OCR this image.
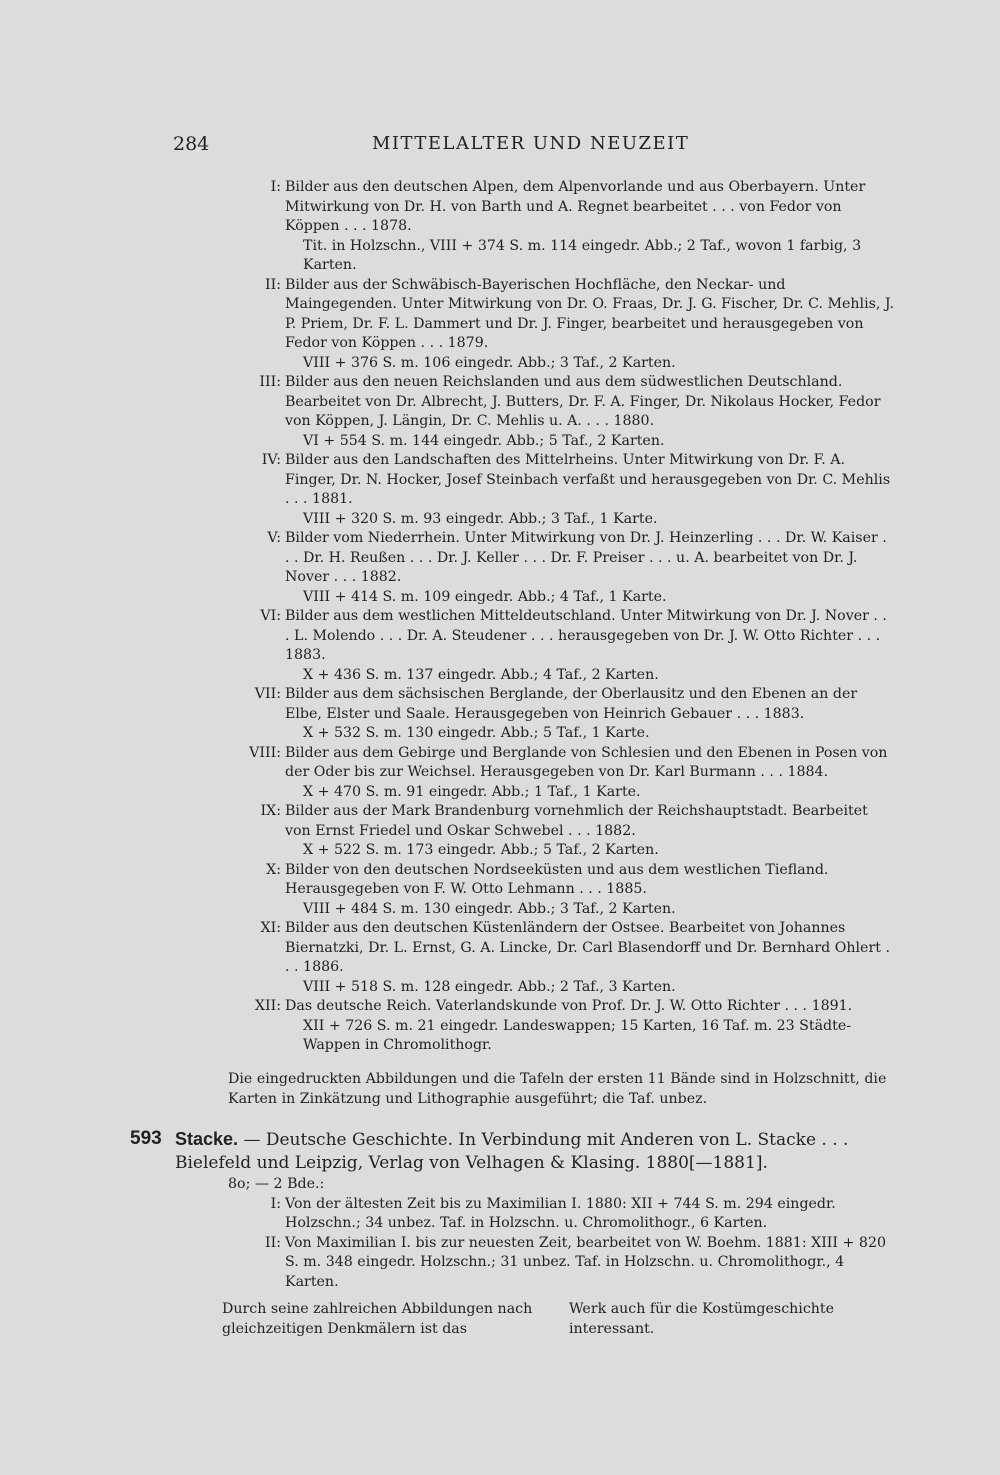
284	MITTELALTER UND NEUZEIT
I: Bilder aus den deutschen Alpen, dem Alpenvorlande und aus Oberbayern. Unter Mitwirkung von Dr. H. von Barth und A. Regnet bearbeitet . . . von Fedor von Köppen . . . 1878.
Tit. in Holzschn., VIII + 374 S. m. 114 eingedr. Abb.; 2 Taf., wovon 1 farbig, 3 Karten.
II: Bilder aus der Schwäbisch-Bayerischen Hochfläche, den Neckar- und Maingegenden. Unter Mitwirkung von Dr. O. Fraas, Dr. J. G. Fischer, Dr. C. Mehlis, J. P. Priem, Dr. F. L. Dammert und Dr. J. Finger, bearbeitet und herausgegeben von Fedor von Köppen . . . 1879.
VIII + 376 S. m. 106 eingedr. Abb.; 3 Taf., 2 Karten.
III: Bilder aus den neuen Reichslanden und aus dem südwestlichen Deutschland. Bearbeitet von Dr. Albrecht, J. Butters, Dr. F. A. Finger, Dr. Nikolaus Hocker, Fedor von Köppen, J. Längin, Dr. C. Mehlis u. A. . . . 1880.
VI + 554 S. m. 144 eingedr. Abb.; 5 Taf., 2 Karten.
IV: Bilder aus den Landschaften des Mittelrheins. Unter Mitwirkung von Dr. F. A. Finger, Dr. N. Hocker, Josef Steinbach verfaßt und herausgegeben von Dr. C. Mehlis . . . 1881.
VIII + 320 S. m. 93 eingedr. Abb.; 3 Taf., 1 Karte.
V: Bilder vom Niederrhein. Unter Mitwirkung von Dr. J. Heinzerling . . . Dr. W. Kaiser . . . Dr. H. Reußen . . . Dr. J. Keller . . . Dr. F. Preiser . . . u. A. bearbeitet von Dr. J. Nover . . . 1882.
VIII + 414 S. m. 109 eingedr. Abb.; 4 Taf., 1 Karte.
VI: Bilder aus dem westlichen Mitteldeutschland. Unter Mitwirkung von Dr. J. Nover . . . L. Molendo . . . Dr. A. Steudener . . . herausgegeben von Dr. J. W. Otto Richter . . . 1883.
X + 436 S. m. 137 eingedr. Abb.; 4 Taf., 2 Karten.
VII: Bilder aus dem sächsischen Berglande, der Oberlausitz und den Ebenen an der Elbe, Elster und Saale. Herausgegeben von Heinrich Gebauer . . . 1883.
X + 532 S. m. 130 eingedr. Abb.; 5 Taf., 1 Karte.
VIII: Bilder aus dem Gebirge und Berglande von Schlesien und den Ebenen in Posen von der Oder bis zur Weichsel. Herausgegeben von Dr. Karl Burmann . . . 1884.
X + 470 S. m. 91 eingedr. Abb.; 1 Taf., 1 Karte.
IX: Bilder aus der Mark Brandenburg vornehmlich der Reichshauptstadt. Bearbeitet von Ernst Friedel und Oskar Schwebel . . . 1882.
X + 522 S. m. 173 eingedr. Abb.; 5 Taf., 2 Karten.
X: Bilder von den deutschen Nordseeküsten und aus dem westlichen Tiefland. Herausgegeben von F. W. Otto Lehmann . . . 1885.
VIII + 484 S. m. 130 eingedr. Abb.; 3 Taf., 2 Karten.
XI: Bilder aus den deutschen Küstenländern der Ostsee. Bearbeitet von Johannes Biernatzki, Dr. L. Ernst, G. A. Lincke, Dr. Carl Blasendorff und Dr. Bernhard Ohlert . . . 1886.
VIII + 518 S. m. 128 eingedr. Abb.; 2 Taf., 3 Karten.
XII: Das deutsche Reich. Vaterlandskunde von Prof. Dr. J. W. Otto Richter . . . 1891.
XII + 726 S. m. 21 eingedr. Landeswappen; 15 Karten, 16 Taf. m. 23 Städte-Wappen in Chromolithogr.
Die eingedruckten Abbildungen und die Tafeln der ersten 11 Bände sind in Holzschnitt, die Karten in Zinkätzung und Lithographie ausgeführt; die Taf. unbez.
593 Stacke. — Deutsche Geschichte. In Verbindung mit Anderen von L. Stacke . . . Bielefeld und Leipzig, Verlag von Velhagen & Klasing. 1880[—1881].
8o; — 2 Bde.:
I: Von der ältesten Zeit bis zu Maximilian I. 1880: XII + 744 S. m. 294 eingedr. Holzschn.; 34 unbez. Taf. in Holzschn. u. Chromolithogr., 6 Karten.
II: Von Maximilian I. bis zur neuesten Zeit, bearbeitet von W. Boehm. 1881: XIII + 820 S. m. 348 eingedr. Holzschn.; 31 unbez. Taf. in Holzschn. u. Chromolithogr., 4 Karten.
Durch seine zahlreichen Abbildungen nach gleichzeitigen Denkmälern ist das
Werk auch für die Kostümgeschichte interessant.
